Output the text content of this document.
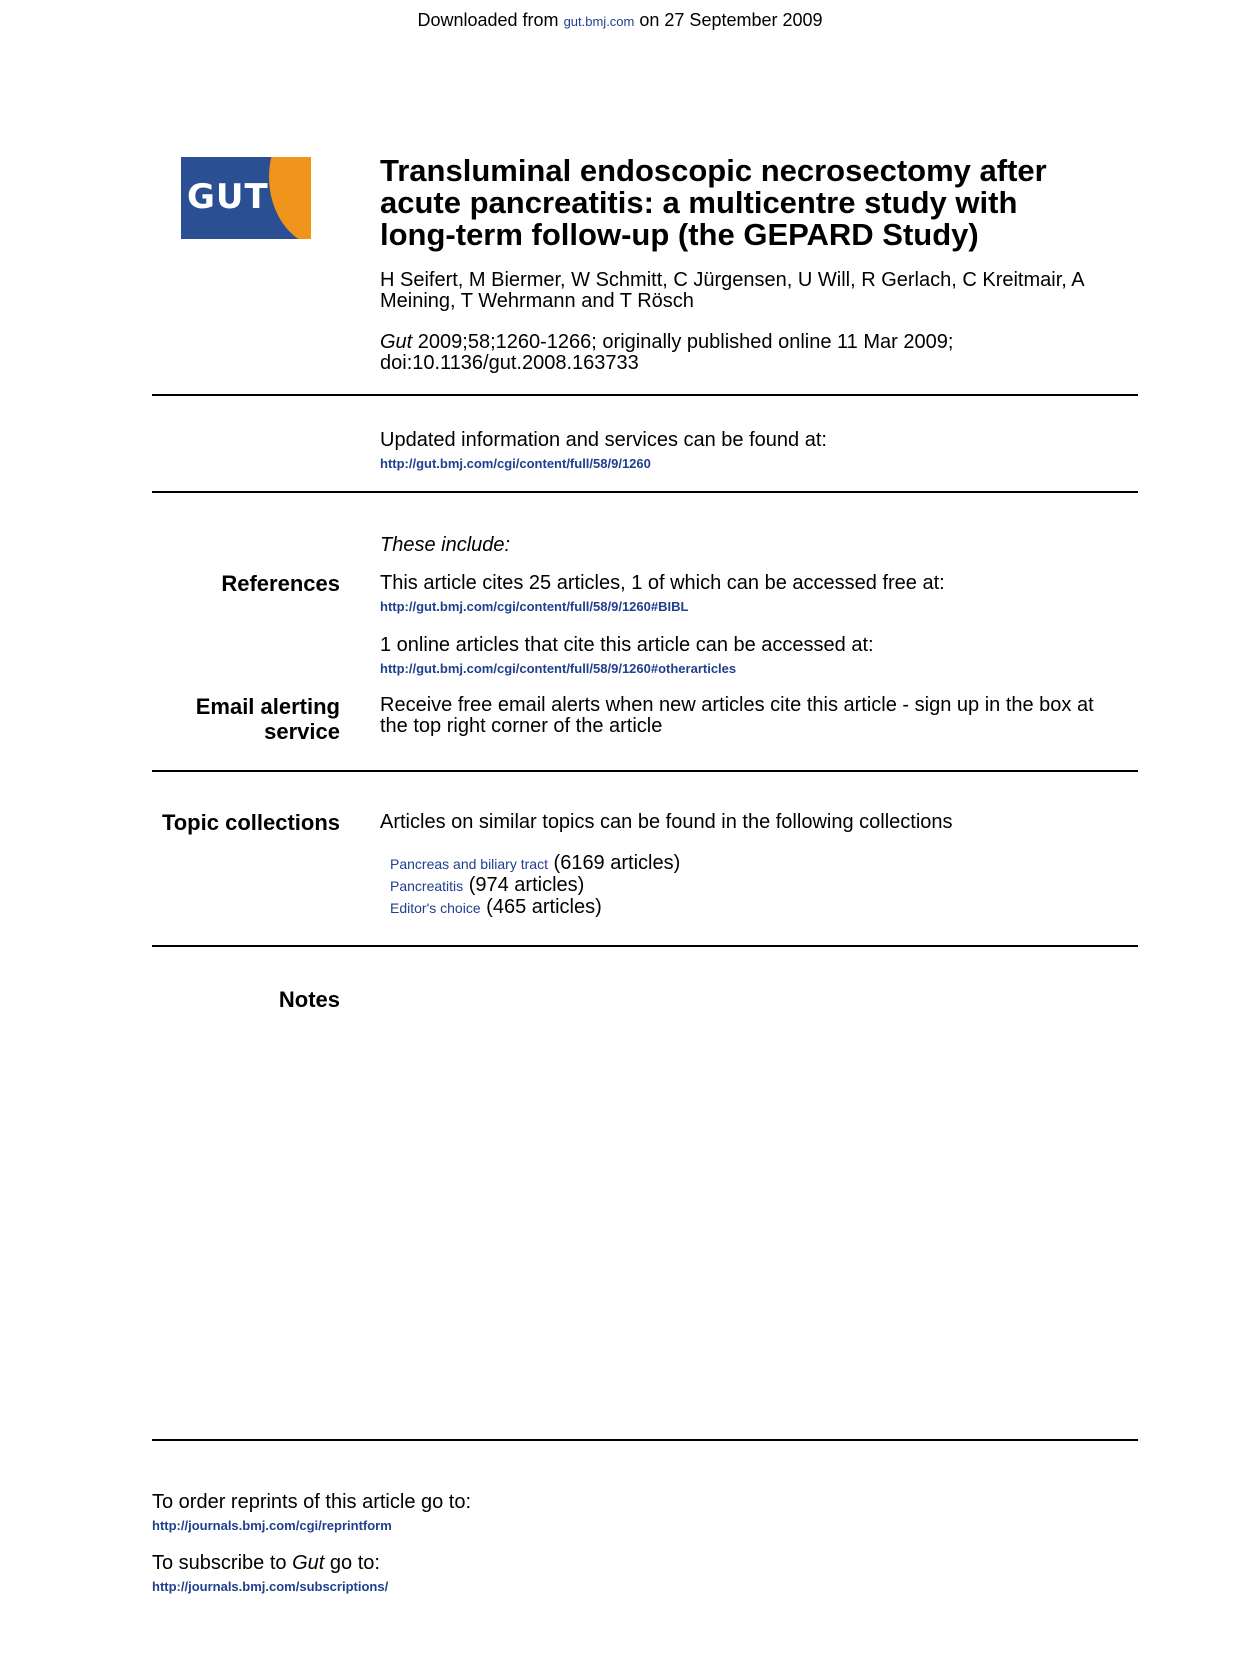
Downloaded from gut.bmj.com on 27 September 2009
GUT
Transluminal endoscopic necrosectomy after
acute pancreatitis: a multicentre study with
long-term follow-up (the GEPARD Study)
H Seifert, M Biermer, W Schmitt, C Jürgensen, U Will, R Gerlach, C Kreitmair, A
Meining, T Wehrmann and T Rösch
Gut 2009;58;1260-1266; originally published online 11 Mar 2009;
doi:10.1136/gut.2008.163733
Updated information and services can be found at:
http://gut.bmj.com/cgi/content/full/58/9/1260
These include:
References This article cites 25 articles, 1 of which can be accessed free at:
http://gut.bmj.com/cgi/content/full/58/9/1260#BIBL
1 online articles that cite this article can be accessed at:
http://gut.bmj.com/cgi/content/full/58/9/1260#otherarticles
Email alerting
service
Receive free email alerts when new articles cite this article - sign up in the box at
the top right corner of the article
Topic collections Articles on similar topics can be found in the following collections
Pancreas and biliary tract (6169 articles)
Pancreatitis (974 articles)
Editor's choice (465 articles)
Notes
To order reprints of this article go to:
http://journals.bmj.com/cgi/reprintform
To subscribe to Gut go to:
http://journals.bmj.com/subscriptions/
